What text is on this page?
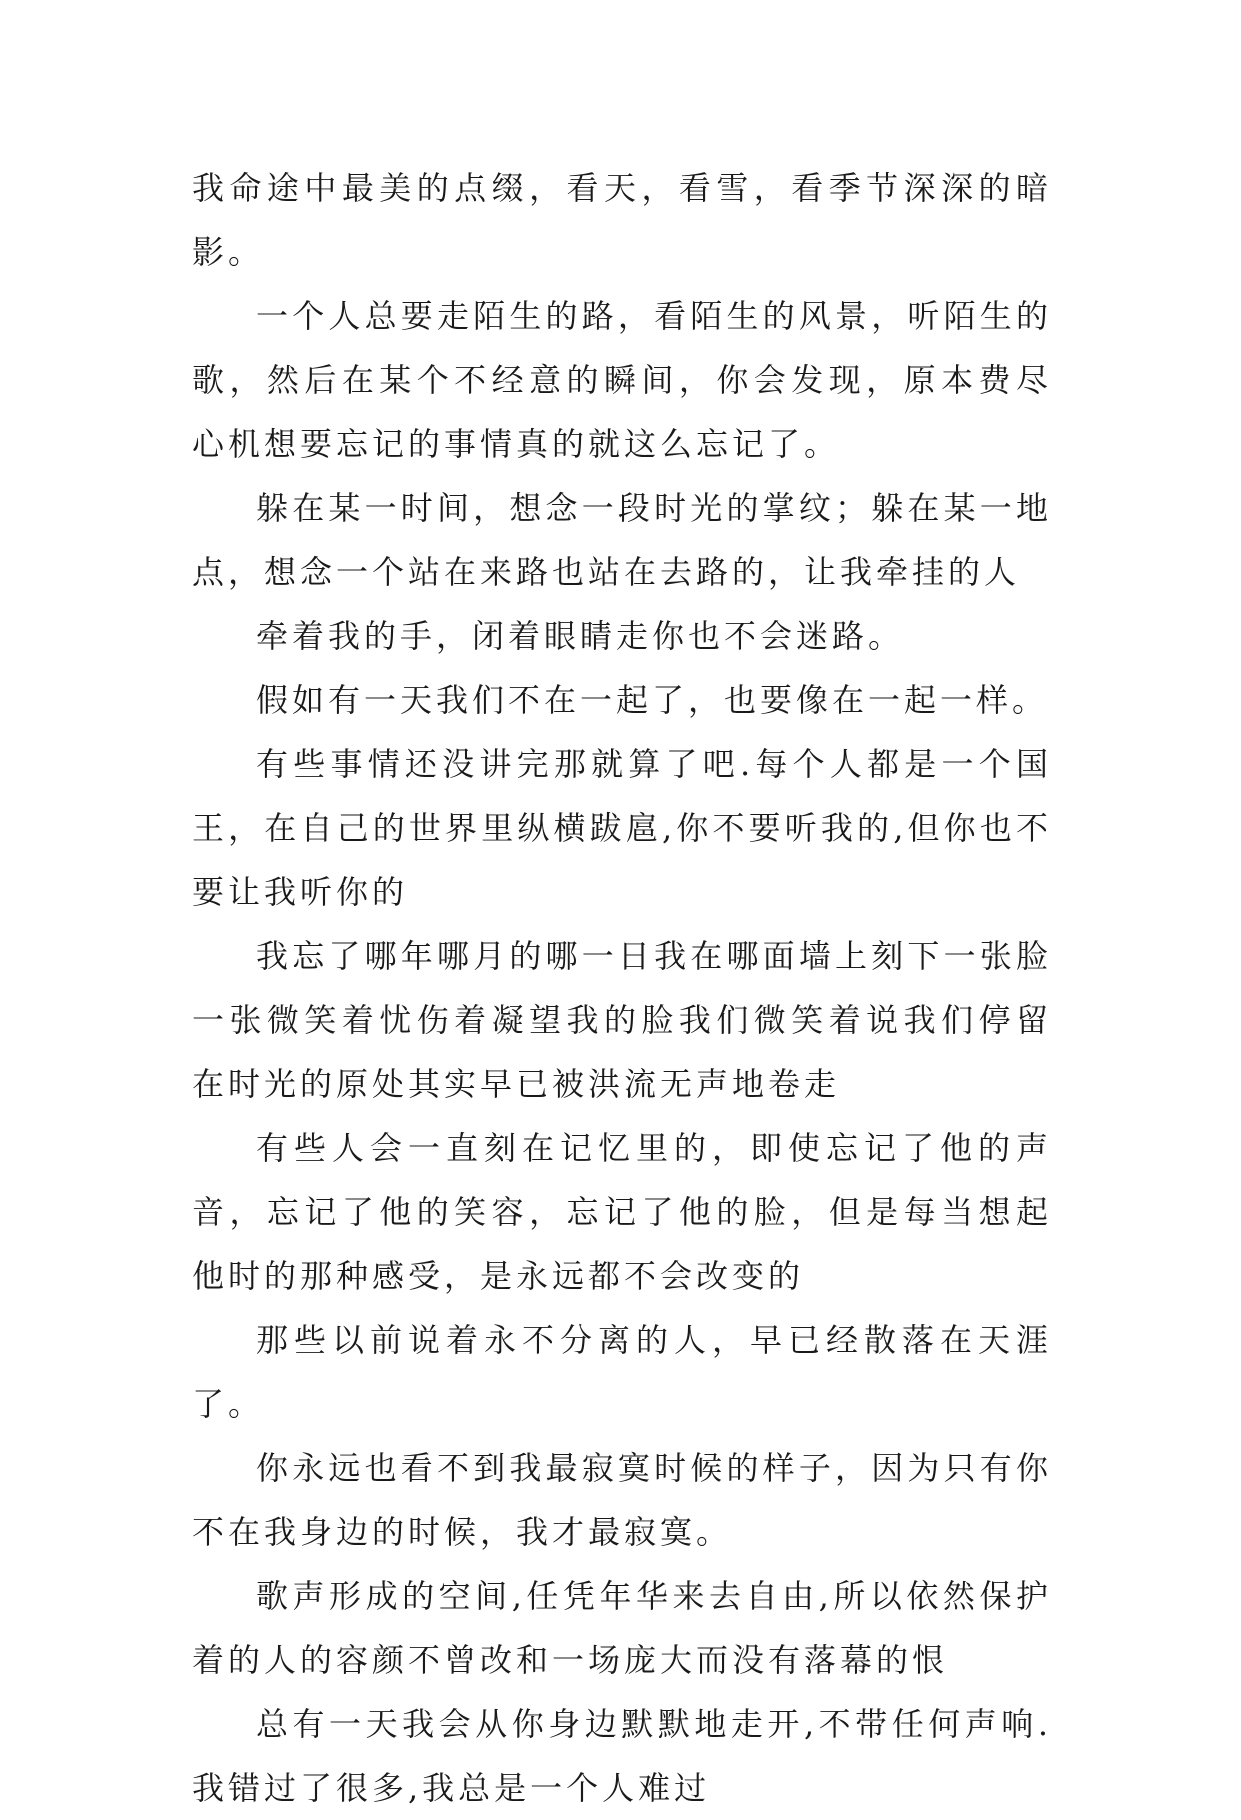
我命途中最美的点缀，看天，看雪，看季节深深的暗影。

一个人总要走陌生的路，看陌生的风景，听陌生的歌，然后在某个不经意的瞬间，你会发现，原本费尽心机想要忘记的事情真的就这么忘记了。

躲在某一时间，想念一段时光的掌纹；躲在某一地点，想念一个站在来路也站在去路的，让我牵挂的人

牵着我的手，闭着眼睛走你也不会迷路。

假如有一天我们不在一起了，也要像在一起一样。

有些事情还没讲完那就算了吧.每个人都是一个国王，在自己的世界里纵横跋扈,你不要听我的,但你也不要让我听你的

我忘了哪年哪月的哪一日我在哪面墙上刻下一张脸一张微笑着忧伤着凝望我的脸我们微笑着说我们停留在时光的原处其实早已被洪流无声地卷走

有些人会一直刻在记忆里的，即使忘记了他的声音，忘记了他的笑容，忘记了他的脸，但是每当想起他时的那种感受，是永远都不会改变的

那些以前说着永不分离的人，早已经散落在天涯了。

你永远也看不到我最寂寞时候的样子，因为只有你不在我身边的时候，我才最寂寞。

歌声形成的空间,任凭年华来去自由,所以依然保护着的人的容颜不曾改和一场庞大而没有落幕的恨

总有一天我会从你身边默默地走开,不带任何声响.我错过了很多,我总是一个人难过
